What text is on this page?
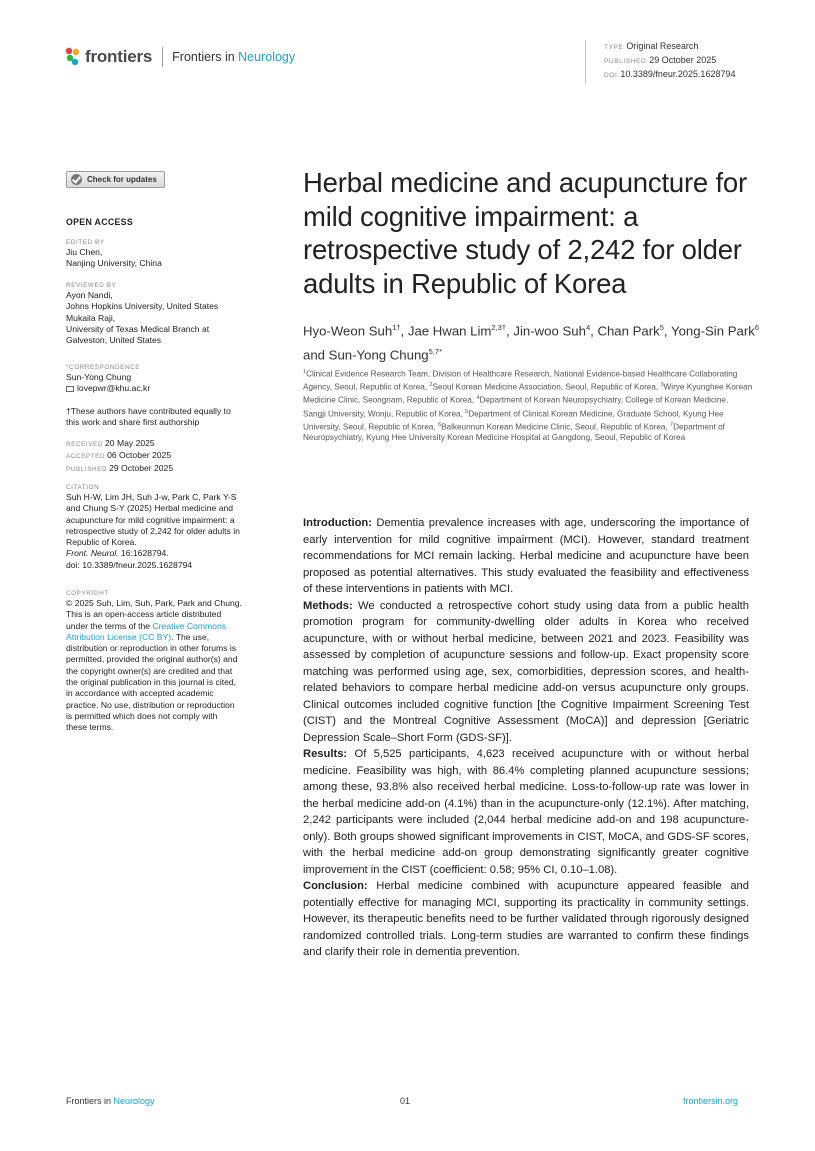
frontiers Frontiers in Neurology
TYPE Original Research
PUBLISHED 29 October 2025
DOI 10.3389/fneur.2025.1628794
Check for updates
OPEN ACCESS
EDITED BY
Jiu Chen,
Nanjing University, China
REVIEWED BY
Ayon Nandi,
Johns Hopkins University, United States
Mukaila Raji,
University of Texas Medical Branch at
Galveston, United States
*CORRESPONDENCE
Sun-Yong Chung
lovepwr@khu.ac.kr
†These authors have contributed equally to
this work and share first authorship
RECEIVED 20 May 2025
ACCEPTED 06 October 2025
PUBLISHED 29 October 2025
CITATION
Suh H-W, Lim JH, Suh J-w, Park C, Park Y-S
and Chung S-Y (2025) Herbal medicine and
acupuncture for mild cognitive impairment: a
retrospective study of 2,242 for older adults in
Republic of Korea.
Front. Neurol. 16:1628794.
doi: 10.3389/fneur.2025.1628794
COPYRIGHT
© 2025 Suh, Lim, Suh, Park, Park and Chung.
This is an open-access article distributed
under the terms of the Creative Commons
Attribution License (CC BY). The use,
distribution or reproduction in other forums is
permitted, provided the original author(s) and
the copyright owner(s) are credited and that
the original publication in this journal is cited,
in accordance with accepted academic
practice. No use, distribution or reproduction
is permitted which does not comply with
these terms.
Herbal medicine and acupuncture for mild cognitive impairment: a retrospective study of 2,242 for older adults in Republic of Korea
Hyo-Weon Suh$^{1\dagger}$, Jae Hwan Lim$^{2,3\dagger}$, Jin-woo Suh$^4$, Chan Park$^5$, Yong-Sin Park$^6$ and Sun-Yong Chung$^{5,7*}$
$^1$Clinical Evidence Research Team, Division of Healthcare Research, National Evidence-based Healthcare Collaborating Agency, Seoul, Republic of Korea, $^2$Seoul Korean Medicine Association, Seoul, Republic of Korea, $^3$Wirye Kyunghee Korean Medicine Clinic, Seongnam, Republic of Korea, $^4$Department of Korean Neuropsychiatry, College of Korean Medicine, Sangji University, Wonju, Republic of Korea, $^5$Department of Clinical Korean Medicine, Graduate School, Kyung Hee University, Seoul, Republic of Korea, $^6$Balkeunnun Korean Medicine Clinic, Seoul, Republic of Korea, $^7$Department of Neuropsychiatry, Kyung Hee University Korean Medicine Hospital at Gangdong, Seoul, Republic of Korea

Introduction: Dementia prevalence increases with age, underscoring the importance of early intervention for mild cognitive impairment (MCI). However, standard treatment recommendations for MCI remain lacking. Herbal medicine and acupuncture have been proposed as potential alternatives. This study evaluated the feasibility and effectiveness of these interventions in patients with MCI.

Methods: We conducted a retrospective cohort study using data from a public health promotion program for community-dwelling older adults in Korea who received acupuncture, with or without herbal medicine, between 2021 and 2023. Feasibility was assessed by completion of acupuncture sessions and follow-up. Exact propensity score matching was performed using age, sex, comorbidities, depression scores, and health-related behaviors to compare herbal medicine add-on versus acupuncture only groups. Clinical outcomes included cognitive function [the Cognitive Impairment Screening Test (CIST) and the Montreal Cognitive Assessment (MoCA)] and depression [Geriatric Depression Scale–Short Form (GDS-SF)].

Results: Of 5,525 participants, 4,623 received acupuncture with or without herbal medicine. Feasibility was high, with 86.4% completing planned acupuncture sessions; among these, 93.8% also received herbal medicine. Loss-to-follow-up rate was lower in the herbal medicine add-on (4.1%) than in the acupuncture-only (12.1%). After matching, 2,242 participants were included (2,044 herbal medicine add-on and 198 acupuncture-only). Both groups showed significant improvements in CIST, MoCA, and GDS-SF scores, with the herbal medicine add-on group demonstrating significantly greater cognitive improvement in the CIST (coefficient: 0.58; 95% CI, 0.10–1.08).

Conclusion: Herbal medicine combined with acupuncture appeared feasible and potentially effective for managing MCI, supporting its practicality in community settings. However, its therapeutic benefits need to be further validated through rigorously designed randomized controlled trials. Long-term studies are warranted to confirm these findings and clarify their role in dementia prevention.

Frontiers in Neurology	01	frontiersin.org
